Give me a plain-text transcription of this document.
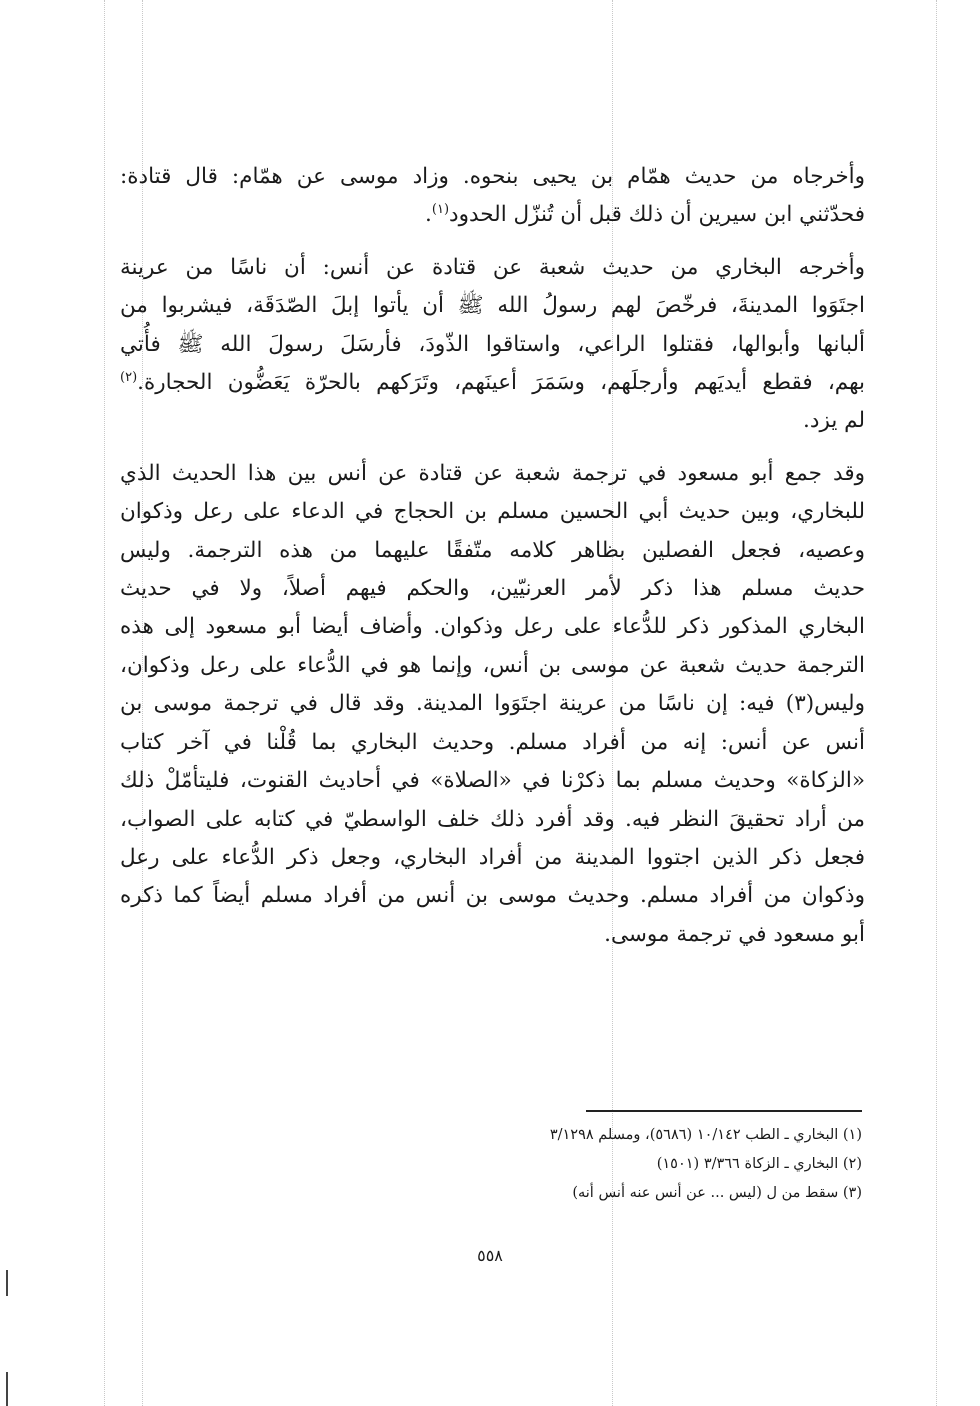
وأخرجاه من حديث همّام بن يحيى بنحوه. وزاد موسى عن همّام: قال قتادة:
فحدّثني ابن سيرين أن ذلك قبل أن تُنزّل الحدود$^{(١)}$.

وأخرجه البخاري من حديث شعبة عن قتادة عن أنس: أن ناسًا من عرينة
اجتَوَوا المدينةَ، فرخّصَ لهم رسولُ الله ﷺ أن يأتوا إبلَ الصّدَقَة، فيشربوا من
ألبانها وأبوالها، فقتلوا الراعي، واستاقوا الذّودَ، فأرسَلَ رسولَ الله ﷺ فأُتي
بهم، فقطع أيديَهم وأرجلَهم، وسَمَرَ أعينَهم، وتَرَكهم بالحرّة يَعَضُّون الحجارة.$^{(٢)}$
لم يزد.

وقد جمع أبو مسعود في ترجمة شعبة عن قتادة عن أنس بين هذا الحديث الذي
للبخاري، وبين حديث أبي الحسين مسلم بن الحجاج في الدعاء على رعل وذكوان
وعصيه، فجعل الفصلين بظاهر كلامه متّفقًا عليهما من هذه الترجمة. وليس
حديث مسلم هذا ذكر لأمر العرنيّين، والحكم فيهم أصلاً، ولا في حديث
البخاري المذكور ذكر للدُّعاء على رعل وذكوان. وأضاف أيضا أبو مسعود إلى هذه
الترجمة حديث شعبة عن موسى بن أنس، وإنما هو في الدُّعاء على رعل وذكوان،
وليس(٣) فيه: إن ناسًا من عرينة اجتَوَوا المدينة. وقد قال في ترجمة موسى بن
أنس عن أنس: إنه من أفراد مسلم. وحديث البخاري بما قُلْنا في آخر كتاب
«الزكاة» وحديث مسلم بما ذكرْنا في «الصلاة» في أحاديث القنوت، فليتأمّلْ ذلك
من أراد تحقيقَ النظر فيه. وقد أفرد ذلك خلف الواسطيّ في كتابه على الصواب،
فجعل ذكر الذين اجتووا المدينة من أفراد البخاري، وجعل ذكر الدُّعاء على رعل
وذكوان من أفراد مسلم. وحديث موسى بن أنس من أفراد مسلم أيضاً كما ذكره
أبو مسعود في ترجمة موسى.

(١) البخاري ـ الطب ١٠/١٤٢ (٥٦٨٦)، ومسلم ٣/١٢٩٨
(٢) البخاري ـ الزكاة ٣/٣٦٦ (١٥٠١)
(٣) سقط من ل (ليس ... عن أنس عنه أنس أنه)
٥٥٨
